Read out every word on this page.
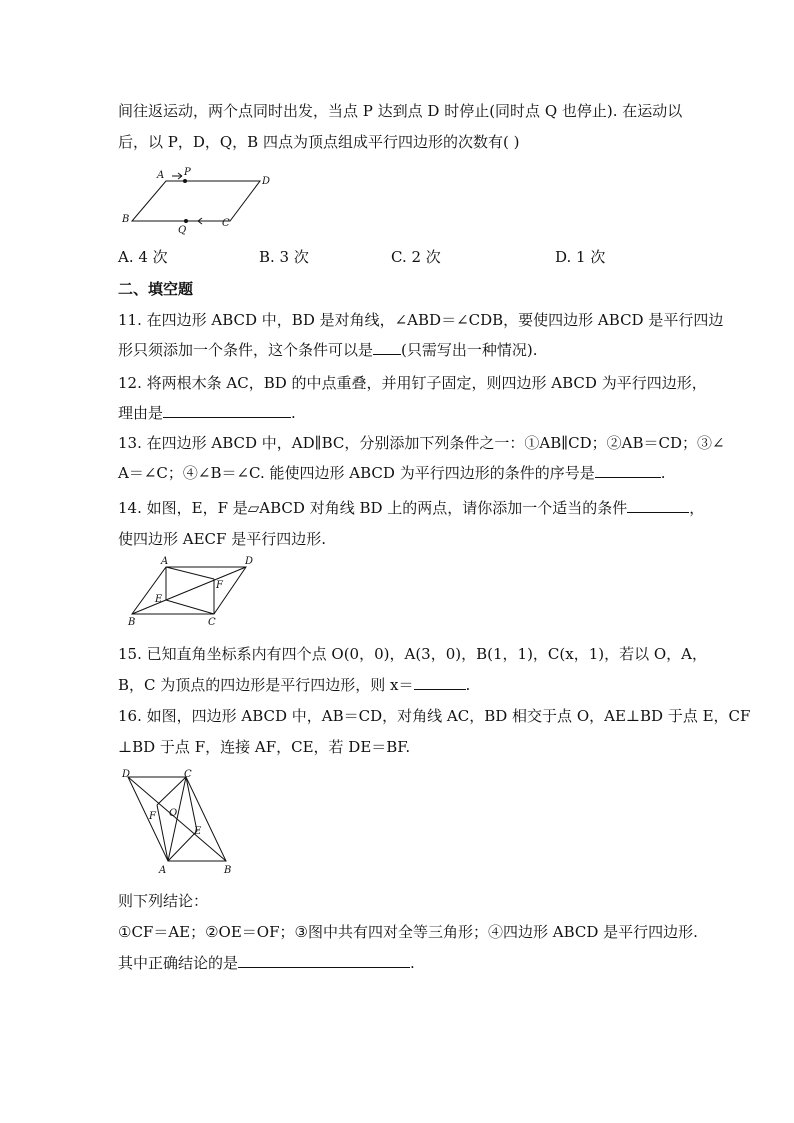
间往返运动，两个点同时出发，当点 P 达到点 D 时停止(同时点 Q 也停止). 在运动以
后，以 P，D，Q，B 四点为顶点组成平行四边形的次数有( )
A P
D
B
Q
C
A. 4 次	B. 3 次	C. 2 次	D. 1 次
二、填空题
11. 在四边形 ABCD 中，BD 是对角线，∠ABD＝∠CDB，要使四边形 ABCD 是平行四边
形只须添加一个条件，这个条件可以是 (只需写出一种情况).
12. 将两根木条 AC，BD 的中点重叠，并用钉子固定，则四边形 ABCD 为平行四边形，
理由是	.
13. 在四边形 ABCD 中，AD∥BC，分别添加下列条件之一：①AB∥CD；②AB＝CD；③∠
A＝∠C；④∠B＝∠C. 能使四边形 ABCD 为平行四边形的条件的序号是	.
14. 如图，E，F 是▱ABCD 对角线 BD 上的两点，请你添加一个适当的条件	，
使四边形 AECF 是平行四边形.
A	D
E
F
B	C
15. 已知直角坐标系内有四个点 O(0，0)，A(3，0)，B(1，1)，C(x，1)，若以 O，A，
B，C 为顶点的四边形是平行四边形，则 x＝	.
16. 如图，四边形 ABCD 中，AB＝CD，对角线 AC，BD 相交于点 O，AE⊥BD 于点 E，CF
⊥BD 于点 F，连接 AF，CE，若 DE＝BF.
D	C
F O
E
A	B
则下列结论：
①CF＝AE；②OE＝OF；③图中共有四对全等三角形；④四边形 ABCD 是平行四边形.
其中正确结论的是	.
